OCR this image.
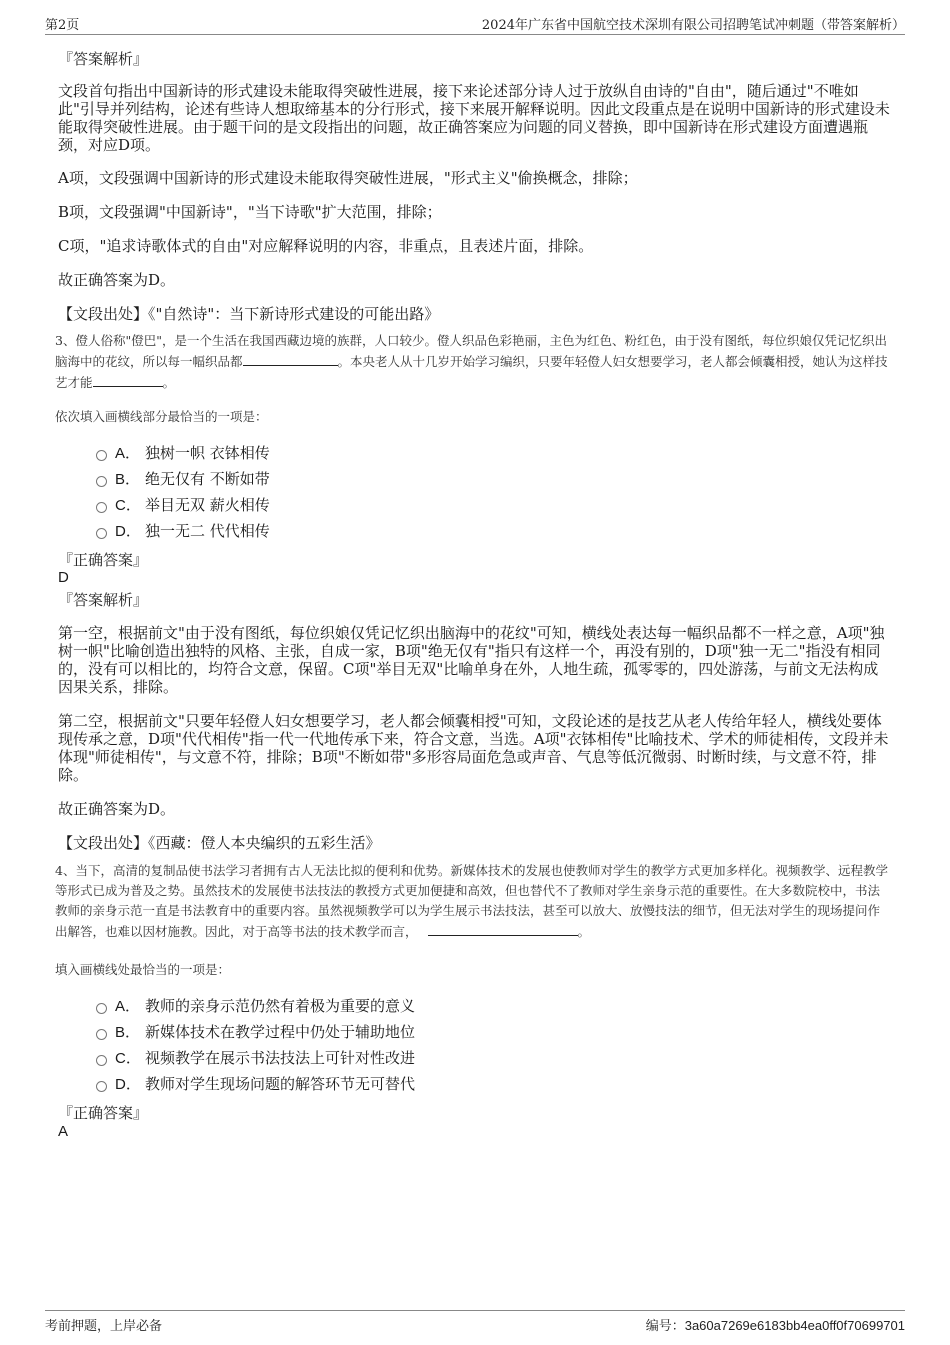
第2页	2024年广东省中国航空技术深圳有限公司招聘笔试冲刺题（带答案解析）

『答案解析』

文段首句指出中国新诗的形式建设未能取得突破性进展，接下来论述部分诗人过于放纵自由诗的"自由"，随后通过"不唯如此"引导并列结构，论述有些诗人想取缔基本的分行形式，接下来展开解释说明。因此文段重点是在说明中国新诗的形式建设未能取得突破性进展。由于题干问的是文段指出的问题，故正确答案应为问题的同义替换，即中国新诗在形式建设方面遭遇瓶颈，对应D项。

A项，文段强调中国新诗的形式建设未能取得突破性进展，"形式主义"偷换概念，排除；

B项，文段强调"中国新诗"，"当下诗歌"扩大范围，排除；

C项，"追求诗歌体式的自由"对应解释说明的内容，非重点，且表述片面，排除。

故正确答案为D。

【文段出处】《"自然诗"：当下新诗形式建设的可能出路》

3、僜人俗称"僜巴"，是一个生活在我国西藏边境的族群，人口较少。僜人织品色彩艳丽，主色为红色、粉红色，由于没有图纸，每位织娘仅凭记忆织出脑海中的花纹，所以每一幅织品都	。本央老人从十几岁开始学习编织，只要年轻僜人妇女想要学习，老人都会倾囊相授，她认为这样技艺才能	。

依次填入画横线部分最恰当的一项是：

A． 独树一帜 衣钵相传
B． 绝无仅有 不断如带
C． 举目无双 薪火相传
D． 独一无二 代代相传

『正确答案』

D

『答案解析』

第一空，根据前文"由于没有图纸，每位织娘仅凭记忆织出脑海中的花纹"可知，横线处表达每一幅织品都不一样之意，A项"独树一帜"比喻创造出独特的风格、主张，自成一家，B项"绝无仅有"指只有这样一个，再没有别的，D项"独一无二"指没有相同的，没有可以相比的，均符合文意，保留。C项"举目无双"比喻单身在外，人地生疏，孤零零的，四处游荡，与前文无法构成因果关系，排除。

第二空，根据前文"只要年轻僜人妇女想要学习，老人都会倾囊相授"可知，文段论述的是技艺从老人传给年轻人，横线处要体现传承之意，D项"代代相传"指一代一代地传承下来，符合文意，当选。A项"衣钵相传"比喻技术、学术的师徒相传，文段并未体现"师徒相传"，与文意不符，排除；B项"不断如带"多形容局面危急或声音、气息等低沉微弱、时断时续，与文意不符，排除。

故正确答案为D。

【文段出处】《西藏：僜人本央编织的五彩生活》

4、当下，高清的复制品使书法学习者拥有古人无法比拟的便利和优势。新媒体技术的发展也使教师对学生的教学方式更加多样化。视频教学、远程教学等形式已成为普及之势。虽然技术的发展使书法技法的教授方式更加便捷和高效，但也替代不了教师对学生亲身示范的重要性。在大多数院校中，书法教师的亲身示范一直是书法教育中的重要内容。虽然视频教学可以为学生展示书法技法，甚至可以放大、放慢技法的细节，但无法对学生的现场提问作出解答，也难以因材施教。因此，对于高等书法的技术教学而言，	。

填入画横线处最恰当的一项是：

A． 教师的亲身示范仍然有着极为重要的意义
B． 新媒体技术在教学过程中仍处于辅助地位
C． 视频教学在展示书法技法上可针对性改进
D． 教师对学生现场问题的解答环节无可替代

『正确答案』

A

考前押题，上岸必备	编号：3a60a7269e6183bb4ea0ff0f70699701
